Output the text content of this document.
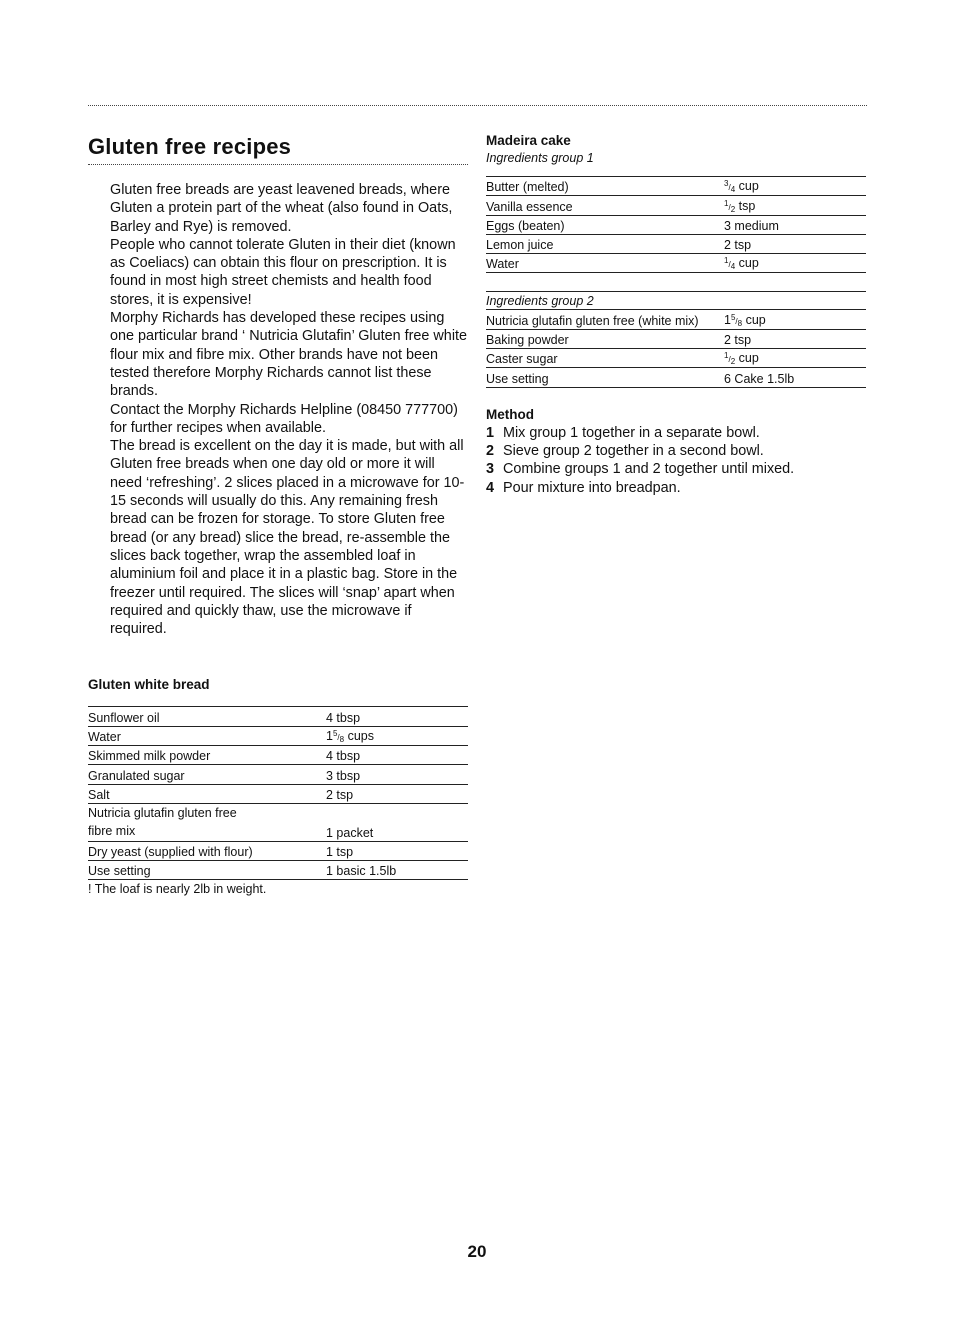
Gluten free recipes

Gluten free breads are yeast leavened breads, where Gluten a protein part of the wheat (also found in Oats, Barley and Rye) is removed.

People who cannot tolerate Gluten in their diet (known as Coeliacs) can obtain this flour on prescription. It is found in most high street chemists and health food stores, it is expensive!

Morphy Richards has developed these recipes using one particular brand ‘ Nutricia Glutafin’ Gluten free white flour mix and fibre mix. Other brands have not been tested therefore Morphy Richards cannot list these brands.

Contact the Morphy Richards Helpline (08450 777700) for further recipes when available.

The bread is excellent on the day it is made, but with all Gluten free breads when one day old or more it will need ‘refreshing’. 2 slices placed in a microwave for 10-15 seconds will usually do this. Any remaining fresh bread can be frozen for storage. To store Gluten free bread (or any bread) slice the bread, re-assemble the slices back together, wrap the assembled loaf in aluminium foil and place it in a plastic bag. Store in the freezer until required. The slices will ‘snap’ apart when required and quickly thaw, use the microwave if required.

Gluten white bread
Sunflower oil	4 tbsp
Water	$1^5/_8$ cups
Skimmed milk powder	4 tbsp
Granulated sugar	3 tbsp
Salt	2 tsp

Nutricia glutafin gluten free
fibre mix	1 packet
Dry yeast (supplied with flour)	1 tsp
Use setting	1 basic 1.5lb
! The loaf is nearly 2lb in weight.
Madeira cake

Ingredients group 1

Butter (melted)	$^3/_4$ cup
Vanilla essence	$^1/_2$ tsp
Eggs (beaten)	3 medium
Lemon juice	2 tsp
Water	$^1/_4$ cup

Ingredients group 2

Nutricia glutafin gluten free (white mix)	$1^5/_8$ cup
Baking powder	2 tsp
Caster sugar	$^1/_2$ cup
Use setting	6 Cake 1.5lb
Method
1 Mix group 1 together in a separate bowl.
2 Sieve group 2 together in a second bowl.
3 Combine groups 1 and 2 together until mixed.
4 Pour mixture into breadpan.
20
